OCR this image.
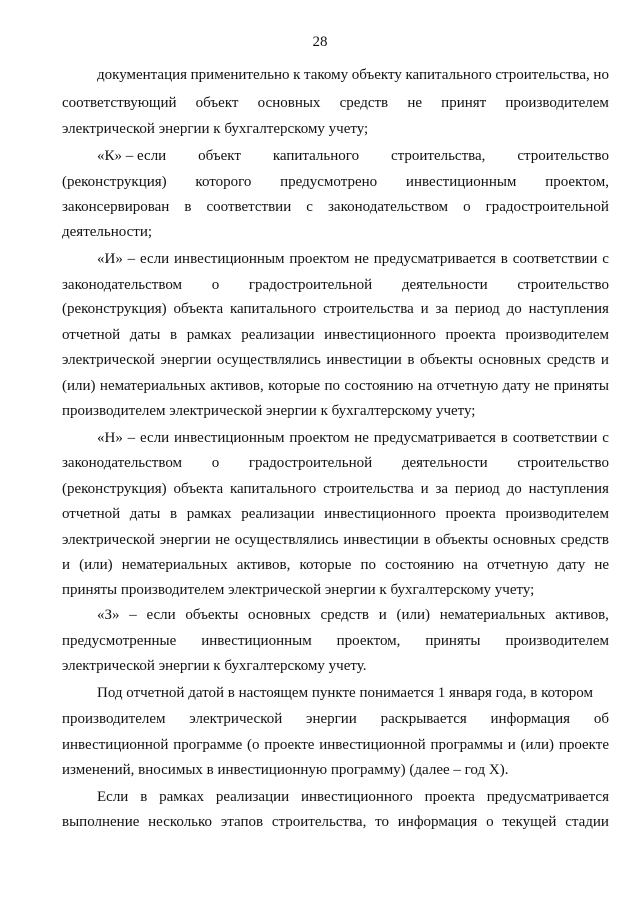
28
документация применительно к такому объекту капитального строительства, но
соответствующий объект основных средств не принят производителем
электрической энергии к бухгалтерскому учету;
«К» – если объект капитального строительства, строительство
(реконструкция) которого предусмотрено инвестиционным проектом,
законсервирован в соответствии с законодательством о градостроительной
деятельности;
«И» – если инвестиционным проектом не предусматривается в соответствии с
законодательством о градостроительной деятельности строительство
(реконструкция) объекта капитального строительства и за период до наступления
отчетной даты в рамках реализации инвестиционного проекта производителем
электрической энергии осуществлялись инвестиции в объекты основных средств и
(или) нематериальных активов, которые по состоянию на отчетную дату не приняты
производителем электрической энергии к бухгалтерскому учету;
«Н» – если инвестиционным проектом не предусматривается в соответствии с
законодательством о градостроительной деятельности строительство
(реконструкция) объекта капитального строительства и за период до наступления
отчетной даты в рамках реализации инвестиционного проекта производителем
электрической энергии не осуществлялись инвестиции в объекты основных средств
и (или) нематериальных активов, которые по состоянию на отчетную дату не
приняты производителем электрической энергии к бухгалтерскому учету;
«З» – если объекты основных средств и (или) нематериальных активов,
предусмотренные инвестиционным проектом, приняты производителем
электрической энергии к бухгалтерскому учету.
Под отчетной датой в настоящем пункте понимается 1 января года, в котором
производителем электрической энергии раскрывается информация об
инвестиционной программе (о проекте инвестиционной программы и (или) проекте
изменений, вносимых в инвестиционную программу) (далее – год X).
Если в рамках реализации инвестиционного проекта предусматривается
выполнение несколько этапов строительства, то информация о текущей стадии
